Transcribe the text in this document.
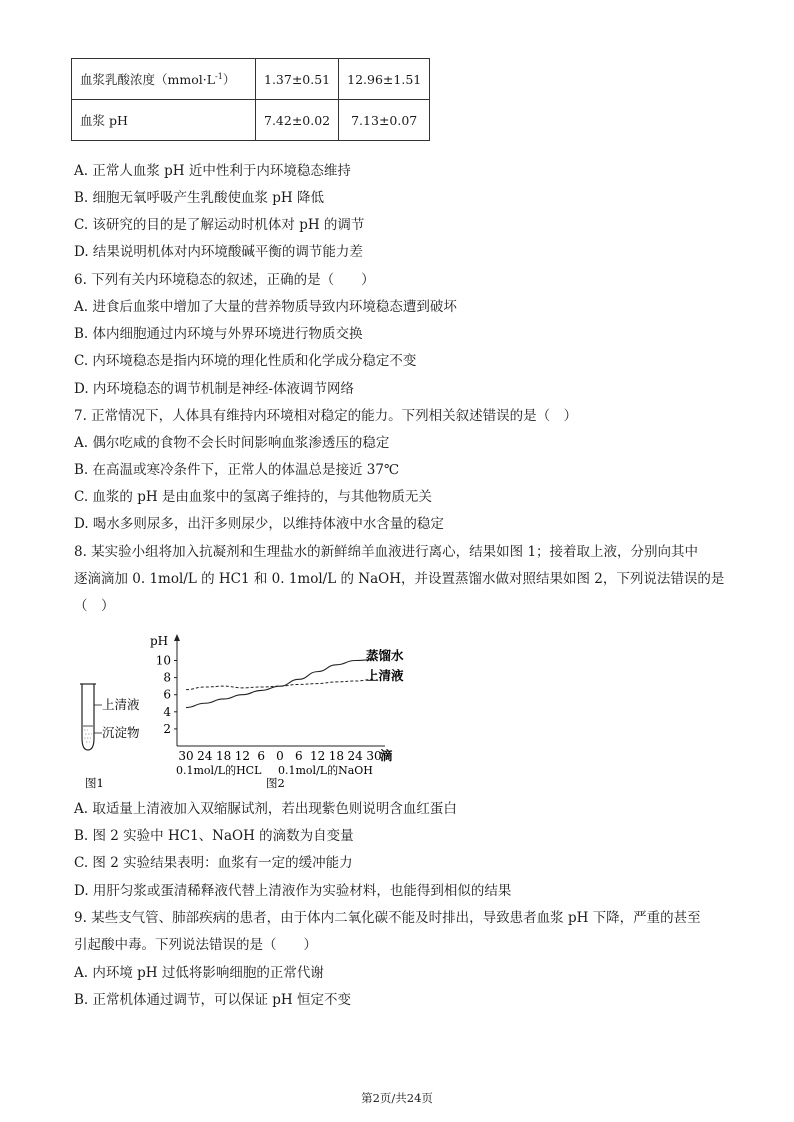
血浆乳酸浓度$(mmol\cdot L^{-1})$	1.37±0.51	12.96±1.51
血浆 pH	7.42±0.02	7.13±0.07
A. 正常人血浆 pH 近中性利于内环境稳态维持
B. 细胞无氧呼吸产生乳酸使血浆 pH 降低
C. 该研究的目的是了解运动时机体对 pH 的调节
D. 结果说明机体对内环境酸碱平衡的调节能力差
6. 下列有关内环境稳态的叙述，正确的是（　　）
A. 进食后血浆中增加了大量的营养物质导致内环境稳态遭到破坏
B. 体内细胞通过内环境与外界环境进行物质交换
C. 内环境稳态是指内环境的理化性质和化学成分稳定不变
D. 内环境稳态的调节机制是神经-体液调节网络
7. 正常情况下，人体具有维持内环境相对稳定的能力。下列相关叙述错误的是（　）
A. 偶尔吃咸的食物不会长时间影响血浆渗透压的稳定
B. 在高温或寒冷条件下，正常人的体温总是接近 37℃
C. 血浆的 pH 是由血浆中的氢离子维持的，与其他物质无关
D. 喝水多则尿多，出汗多则尿少，以维持体液中水含量的稳定
8. 某实验小组将加入抗凝剂和生理盐水的新鲜绵羊血液进行离心，结果如图 1；接着取上液，分别向其中
逐滴滴加 0. 1mol/L 的 HC1 和 0. 1mol/L 的 NaOH，并设置蒸馏水做对照结果如图 2，下列说法错误的是
（　）
上清液
沉淀物
图1
pH
10
8
6
4
2
30 24 18 12 6 0 6 12 18 24 30
滴
0.1mol/L的HCL 0.1mol/L的NaOH
图2
蒸馏水
上清液
A. 取适量上清液加入双缩脲试剂，若出现紫色则说明含血红蛋白
B. 图 2 实验中 HC1、NaOH 的滴数为自变量
C. 图 2 实验结果表明：血浆有一定的缓冲能力
D. 用肝匀浆或蛋清稀释液代替上清液作为实验材料，也能得到相似的结果
9. 某些支气管、肺部疾病的患者，由于体内二氧化碳不能及时排出，导致患者血浆 pH 下降，严重的甚至
引起酸中毒。下列说法错误的是（　　）
A. 内环境 pH 过低将影响细胞的正常代谢
B. 正常机体通过调节，可以保证 pH 恒定不变
第2页/共24页
